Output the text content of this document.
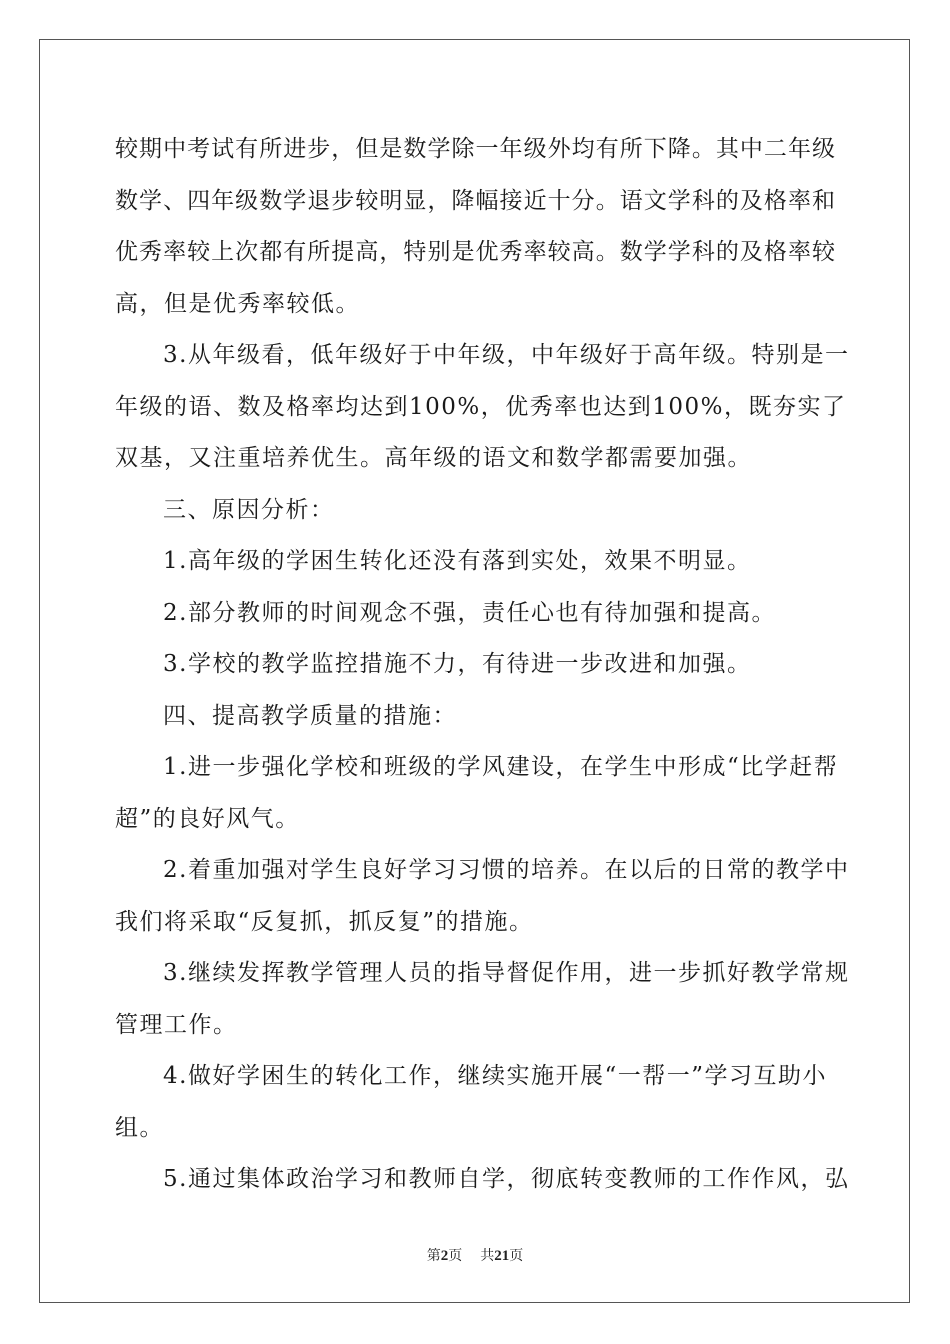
较期中考试有所进步，但是数学除一年级外均有所下降。其中二年级
数学、四年级数学退步较明显，降幅接近十分。语文学科的及格率和
优秀率较上次都有所提高，特别是优秀率较高。数学学科的及格率较
高，但是优秀率较低。
3.从年级看，低年级好于中年级，中年级好于高年级。特别是一
年级的语、数及格率均达到100%，优秀率也达到100%，既夯实了
双基，又注重培养优生。高年级的语文和数学都需要加强。
三、原因分析：
1.高年级的学困生转化还没有落到实处，效果不明显。
2.部分教师的时间观念不强，责任心也有待加强和提高。
3.学校的教学监控措施不力，有待进一步改进和加强。
四、提高教学质量的措施：
1.进一步强化学校和班级的学风建设，在学生中形成“比学赶帮
超”的良好风气。
2.着重加强对学生良好学习习惯的培养。在以后的日常的教学中
我们将采取“反复抓，抓反复”的措施。
3.继续发挥教学管理人员的指导督促作用，进一步抓好教学常规
管理工作。
4.做好学困生的转化工作，继续实施开展“一帮一”学习互助小
组。
5.通过集体政治学习和教师自学，彻底转变教师的工作作风，弘
第2页 共21页
